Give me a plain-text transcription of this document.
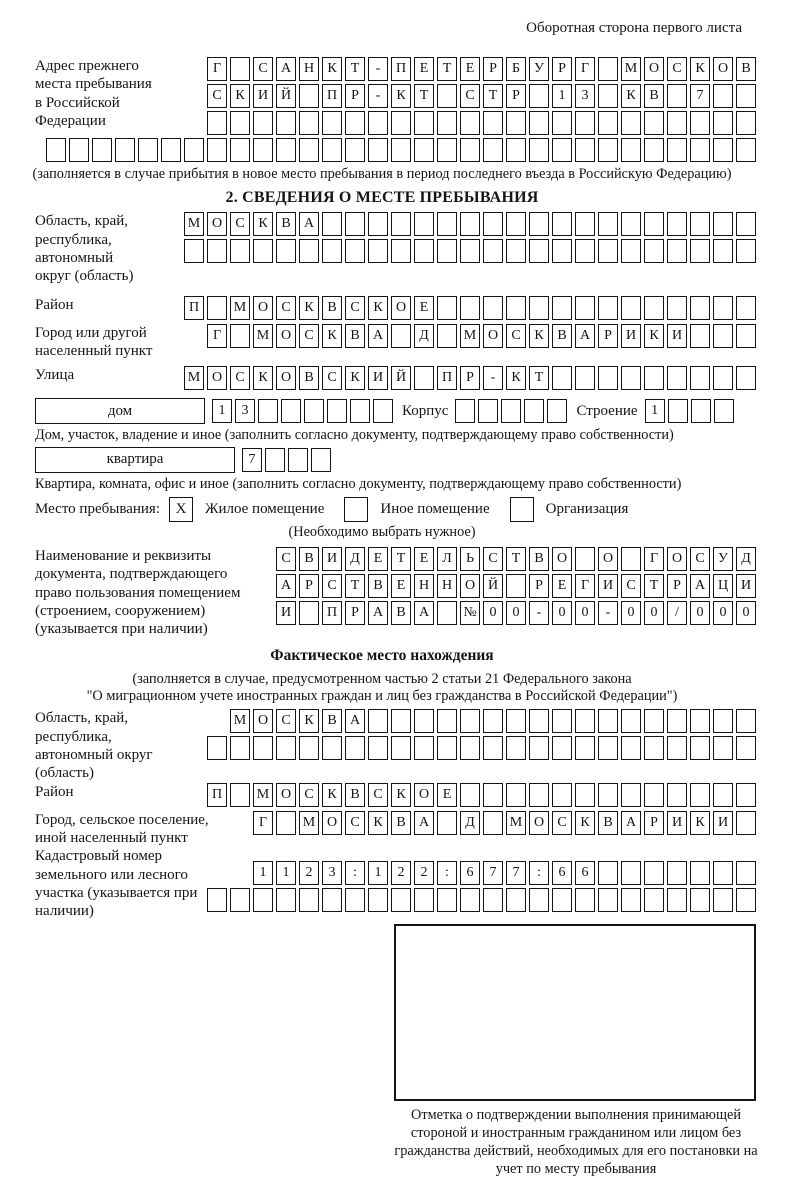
Оборотная сторона первого листа
Адрес прежнего места пребывания в Российской Федерации
Г	С А Н К	Т	-	П Е	Т	Е	Р	Б	У	Р	Г	М О С К О В
С К И Й	П	Р	-	К	Т	С	Т	Р	1	3	К В	7
(заполняется в случае прибытия в новое место пребывания в период последнего въезда в Российскую Федерацию)
2. СВЕДЕНИЯ О МЕСТЕ ПРЕБЫВАНИЯ
Область, край, республика, автономный округ (область)
М О С К В А
Район	П	М О С К В С К О Е
Город или другой населенный пункт
Г	М О С К В А	Д	М О С К В А	Р	И К И
Улица	М О С К О В С К И Й	П	Р	-	К	Т
дом	1	3	Корпус	Строение 1
Дом, участок, владение и иное (заполнить согласно документу, подтверждающему право собственности)
квартира	7
Квартира, комната, офис и иное (заполнить согласно документу, подтверждающему право собственности)
Место пребывания:	X	Жилое помещение	Иное помещение	Организация
(Необходимо выбрать нужное)
Наименование и реквизиты документа, подтверждающего право пользования помещением (строением, сооружением) (указывается при наличии)
С В И Д Е	Т	Е Л	Ь	С	Т	В О	О	Г О С У Д
А	Р	С	Т	В	Е Н Н О Й	Р	Е	Г И С	Т	Р	А Ц И
И	П	Р	А В А	№ 0	0	-	0	0	-	0	0	/	0	0	0
Фактическое место нахождения
(заполняется в случае, предусмотренном частью 2 статьи 21 Федерального закона
"О миграционном учете иностранных граждан и лиц без гражданства в Российской Федерации")
Область, край, республика, автономный округ (область)
М О С К В А
Район	П	М О С К В С К О Е
Город, сельское поселение, иной населенный пункт
Г	М О С К В А	Д	М О С К В А	Р	И К И
Кадастровый номер земельного или лесного участка (указывается при наличии)
1	1	2	3	:	1	2	2	:	6	7	7	:	6	6
Отметка о подтверждении выполнения принимающей стороной и иностранным гражданином или лицом без гражданства действий, необходимых для его постановки на учет по месту пребывания
